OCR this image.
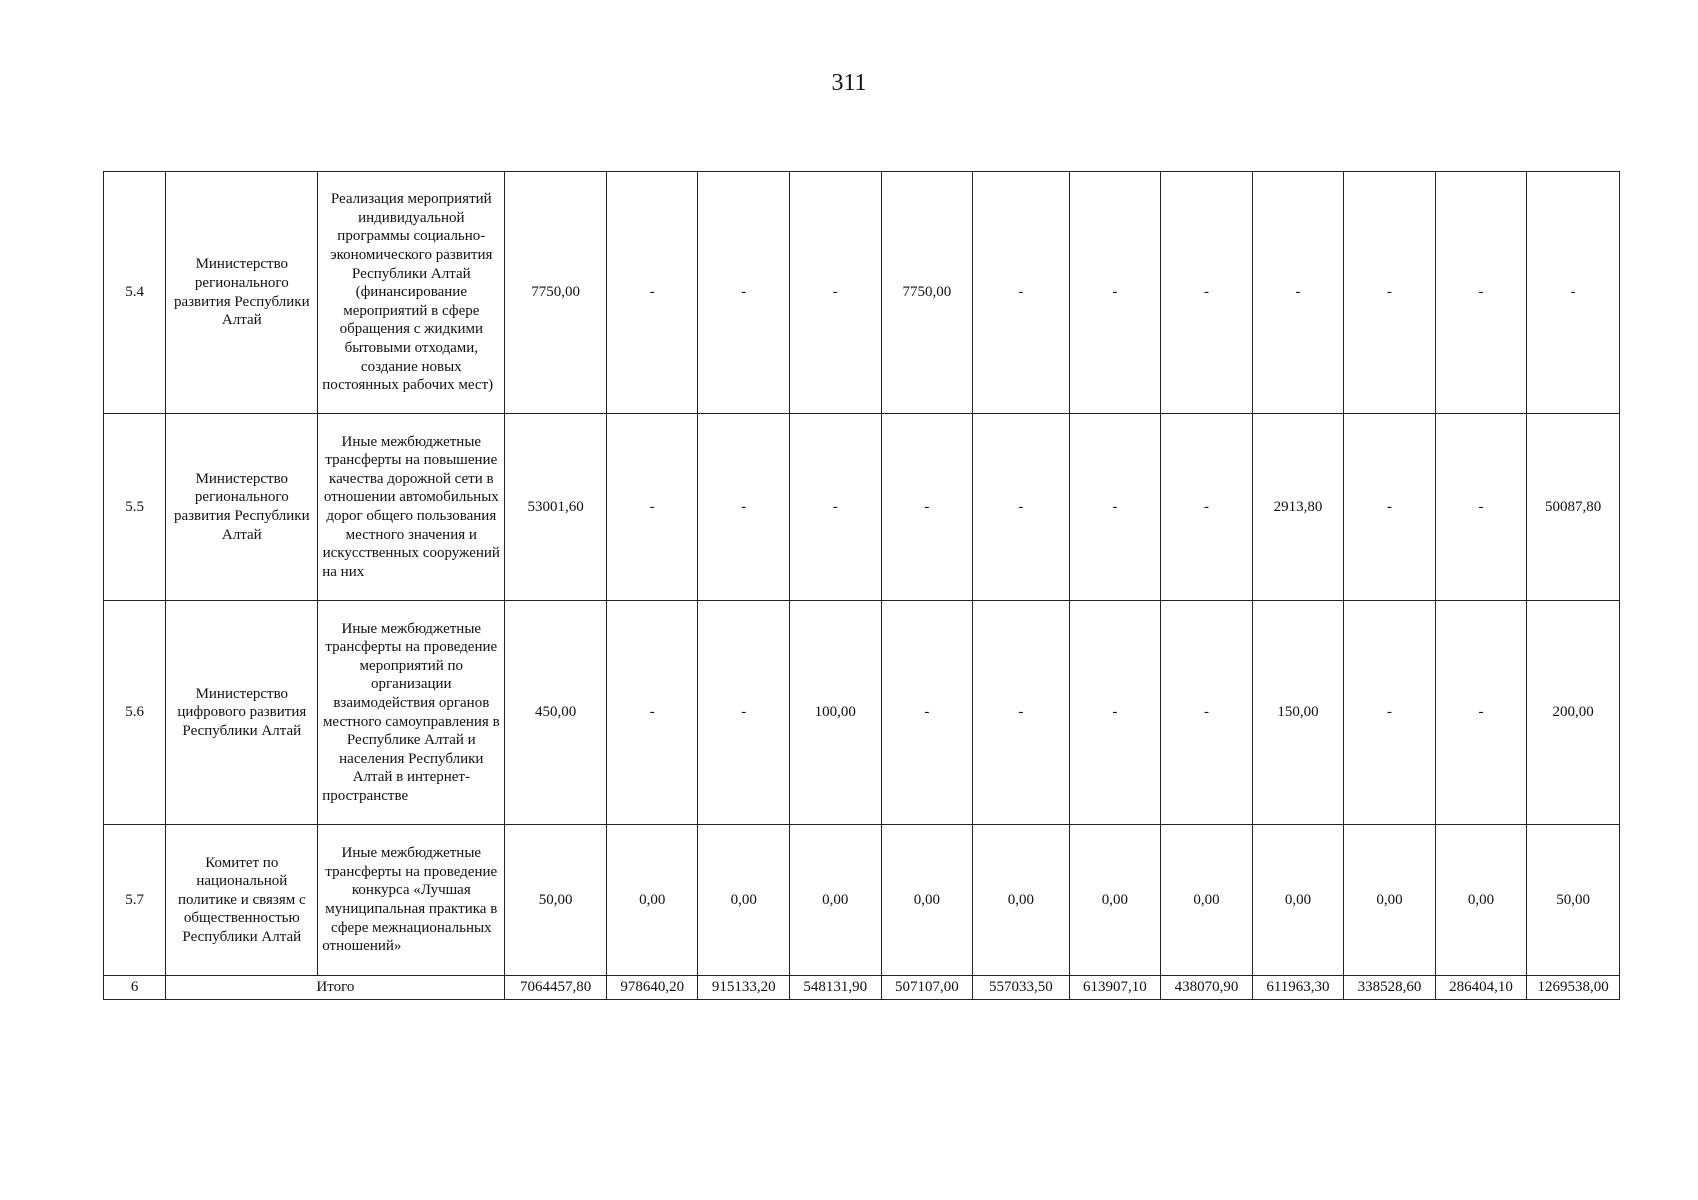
311
5.4	Министерство регионального развития Республики Алтай	Реализация мероприятий индивидуальной программы социально-экономического развития Республики Алтай (финансирование мероприятий в сфере обращения с жидкими бытовыми отходами, создание новых постоянных рабочих мест)	7750,00	-	-	-	7750,00	-	-	-	-	-	-	-
5.5	Министерство регионального развития Республики Алтай	Иные межбюджетные трансферты на повышение качества дорожной сети в отношении автомобильных дорог общего пользования местного значения и искусственных сооружений на них	53001,60	-	-	-	-	-	-	-	2913,80	-	-	50087,80
5.6	Министерство цифрового развития Республики Алтай	Иные межбюджетные трансферты на проведение мероприятий по организации взаимодействия органов местного самоуправления в Республике Алтай и населения Республики Алтай в интернет-пространстве	450,00	-	-	100,00	-	-	-	-	150,00	-	-	200,00
5.7	Комитет по национальной политике и связям с общественностью Республики Алтай	Иные межбюджетные трансферты на проведение конкурса «Лучшая муниципальная практика в сфере межнациональных отношений»	50,00	0,00	0,00	0,00	0,00	0,00	0,00	0,00	0,00	0,00	0,00	50,00
6	Итого		7064457,80	978640,20	915133,20	548131,90	507107,00	557033,50	613907,10	438070,90	611963,30	338528,60	286404,10	1269538,00
